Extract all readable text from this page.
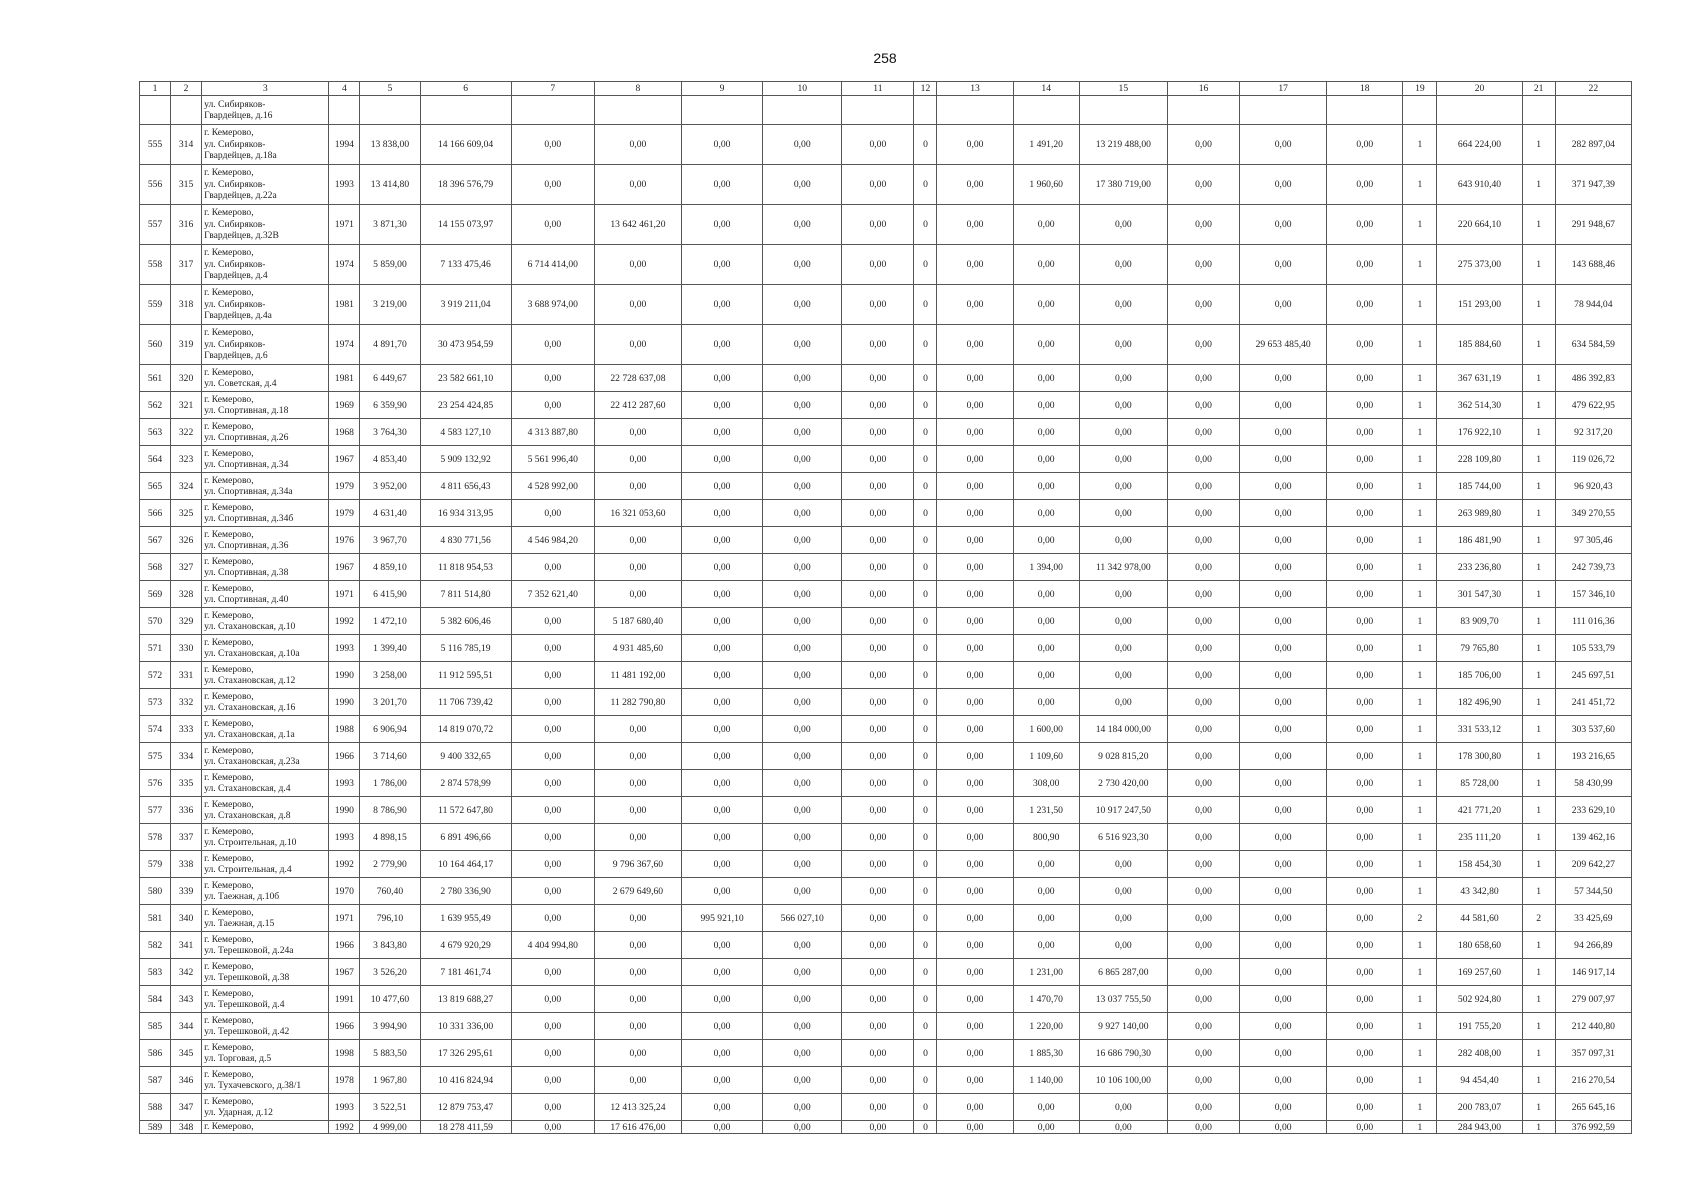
258
1	2	3	4	5	6	7	8	9	10	11	12	13	14	15	16	17	18	19	20	21	22

		ул. Сибиряков-
Гвардейцев, д.16																			

555	314	г. Кемерово,
ул. Сибиряков-
Гвардейцев, д.18а	1994	13 838,00	14 166 609,04	0,00	0,00	0,00	0,00	0,00	0	0,00	1 491,20	13 219 488,00	0,00	0,00	0,00	1	664 224,00	1	282 897,04
556	315	г. Кемерово,
ул. Сибиряков-
Гвардейцев, д.22а	1993	13 414,80	18 396 576,79	0,00	0,00	0,00	0,00	0,00	0	0,00	1 960,60	17 380 719,00	0,00	0,00	0,00	1	643 910,40	1	371 947,39
557	316	г. Кемерово,
ул. Сибиряков-
Гвардейцев, д.32В	1971	3 871,30	14 155 073,97	0,00	13 642 461,20	0,00	0,00	0,00	0	0,00	0,00	0,00	0,00	0,00	0,00	1	220 664,10	1	291 948,67
558	317	г. Кемерово,
ул. Сибиряков-
Гвардейцев, д.4	1974	5 859,00	7 133 475,46	6 714 414,00	0,00	0,00	0,00	0,00	0	0,00	0,00	0,00	0,00	0,00	0,00	1	275 373,00	1	143 688,46
559	318	г. Кемерово,
ул. Сибиряков-
Гвардейцев, д.4а	1981	3 219,00	3 919 211,04	3 688 974,00	0,00	0,00	0,00	0,00	0	0,00	0,00	0,00	0,00	0,00	0,00	1	151 293,00	1	78 944,04
560	319	г. Кемерово,
ул. Сибиряков-
Гвардейцев, д.6	1974	4 891,70	30 473 954,59	0,00	0,00	0,00	0,00	0,00	0	0,00	0,00	0,00	0,00	29 653 485,40	0,00	1	185 884,60	1	634 584,59
561	320	г. Кемерово,
ул. Советская, д.4	1981	6 449,67	23 582 661,10	0,00	22 728 637,08	0,00	0,00	0,00	0	0,00	0,00	0,00	0,00	0,00	0,00	1	367 631,19	1	486 392,83
562	321	г. Кемерово,
ул. Спортивная, д.18	1969	6 359,90	23 254 424,85	0,00	22 412 287,60	0,00	0,00	0,00	0	0,00	0,00	0,00	0,00	0,00	0,00	1	362 514,30	1	479 622,95
563	322	г. Кемерово,
ул. Спортивная, д.26	1968	3 764,30	4 583 127,10	4 313 887,80	0,00	0,00	0,00	0,00	0	0,00	0,00	0,00	0,00	0,00	0,00	1	176 922,10	1	92 317,20
564	323	г. Кемерово,
ул. Спортивная, д.34	1967	4 853,40	5 909 132,92	5 561 996,40	0,00	0,00	0,00	0,00	0	0,00	0,00	0,00	0,00	0,00	0,00	1	228 109,80	1	119 026,72
565	324	г. Кемерово,
ул. Спортивная, д.34а	1979	3 952,00	4 811 656,43	4 528 992,00	0,00	0,00	0,00	0,00	0	0,00	0,00	0,00	0,00	0,00	0,00	1	185 744,00	1	96 920,43
566	325	г. Кемерово,
ул. Спортивная, д.34б	1979	4 631,40	16 934 313,95	0,00	16 321 053,60	0,00	0,00	0,00	0	0,00	0,00	0,00	0,00	0,00	0,00	1	263 989,80	1	349 270,55
567	326	г. Кемерово,
ул. Спортивная, д.36	1976	3 967,70	4 830 771,56	4 546 984,20	0,00	0,00	0,00	0,00	0	0,00	0,00	0,00	0,00	0,00	0,00	1	186 481,90	1	97 305,46
568	327	г. Кемерово,
ул. Спортивная, д.38	1967	4 859,10	11 818 954,53	0,00	0,00	0,00	0,00	0,00	0	0,00	1 394,00	11 342 978,00	0,00	0,00	0,00	1	233 236,80	1	242 739,73
569	328	г. Кемерово,
ул. Спортивная, д.40	1971	6 415,90	7 811 514,80	7 352 621,40	0,00	0,00	0,00	0,00	0	0,00	0,00	0,00	0,00	0,00	0,00	1	301 547,30	1	157 346,10
570	329	г. Кемерово,
ул. Стахановская, д.10	1992	1 472,10	5 382 606,46	0,00	5 187 680,40	0,00	0,00	0,00	0	0,00	0,00	0,00	0,00	0,00	0,00	1	83 909,70	1	111 016,36
571	330	г. Кемерово,
ул. Стахановская, д.10а	1993	1 399,40	5 116 785,19	0,00	4 931 485,60	0,00	0,00	0,00	0	0,00	0,00	0,00	0,00	0,00	0,00	1	79 765,80	1	105 533,79
572	331	г. Кемерово,
ул. Стахановская, д.12	1990	3 258,00	11 912 595,51	0,00	11 481 192,00	0,00	0,00	0,00	0	0,00	0,00	0,00	0,00	0,00	0,00	1	185 706,00	1	245 697,51
573	332	г. Кемерово,
ул. Стахановская, д.16	1990	3 201,70	11 706 739,42	0,00	11 282 790,80	0,00	0,00	0,00	0	0,00	0,00	0,00	0,00	0,00	0,00	1	182 496,90	1	241 451,72
574	333	г. Кемерово,
ул. Стахановская, д.1а	1988	6 906,94	14 819 070,72	0,00	0,00	0,00	0,00	0,00	0	0,00	1 600,00	14 184 000,00	0,00	0,00	0,00	1	331 533,12	1	303 537,60
575	334	г. Кемерово,
ул. Стахановская, д.23а	1966	3 714,60	9 400 332,65	0,00	0,00	0,00	0,00	0,00	0	0,00	1 109,60	9 028 815,20	0,00	0,00	0,00	1	178 300,80	1	193 216,65
576	335	г. Кемерово,
ул. Стахановская, д.4	1993	1 786,00	2 874 578,99	0,00	0,00	0,00	0,00	0,00	0	0,00	308,00	2 730 420,00	0,00	0,00	0,00	1	85 728,00	1	58 430,99
577	336	г. Кемерово,
ул. Стахановская, д.8	1990	8 786,90	11 572 647,80	0,00	0,00	0,00	0,00	0,00	0	0,00	1 231,50	10 917 247,50	0,00	0,00	0,00	1	421 771,20	1	233 629,10
578	337	г. Кемерово,
ул. Строительная, д.10	1993	4 898,15	6 891 496,66	0,00	0,00	0,00	0,00	0,00	0	0,00	800,90	6 516 923,30	0,00	0,00	0,00	1	235 111,20	1	139 462,16
579	338	г. Кемерово,
ул. Строительная, д.4	1992	2 779,90	10 164 464,17	0,00	9 796 367,60	0,00	0,00	0,00	0	0,00	0,00	0,00	0,00	0,00	0,00	1	158 454,30	1	209 642,27
580	339	г. Кемерово,
ул. Таежная, д.10б	1970	760,40	2 780 336,90	0,00	2 679 649,60	0,00	0,00	0,00	0	0,00	0,00	0,00	0,00	0,00	0,00	1	43 342,80	1	57 344,50
581	340	г. Кемерово,
ул. Таежная, д.15	1971	796,10	1 639 955,49	0,00	0,00	995 921,10	566 027,10	0,00	0	0,00	0,00	0,00	0,00	0,00	0,00	2	44 581,60	2	33 425,69
582	341	г. Кемерово,
ул. Терешковой, д.24а	1966	3 843,80	4 679 920,29	4 404 994,80	0,00	0,00	0,00	0,00	0	0,00	0,00	0,00	0,00	0,00	0,00	1	180 658,60	1	94 266,89
583	342	г. Кемерово,
ул. Терешковой, д.38	1967	3 526,20	7 181 461,74	0,00	0,00	0,00	0,00	0,00	0	0,00	1 231,00	6 865 287,00	0,00	0,00	0,00	1	169 257,60	1	146 917,14
584	343	г. Кемерово,
ул. Терешковой, д.4	1991	10 477,60	13 819 688,27	0,00	0,00	0,00	0,00	0,00	0	0,00	1 470,70	13 037 755,50	0,00	0,00	0,00	1	502 924,80	1	279 007,97
585	344	г. Кемерово,
ул. Терешковой, д.42	1966	3 994,90	10 331 336,00	0,00	0,00	0,00	0,00	0,00	0	0,00	1 220,00	9 927 140,00	0,00	0,00	0,00	1	191 755,20	1	212 440,80
586	345	г. Кемерово,
ул. Торговая, д.5	1998	5 883,50	17 326 295,61	0,00	0,00	0,00	0,00	0,00	0	0,00	1 885,30	16 686 790,30	0,00	0,00	0,00	1	282 408,00	1	357 097,31
587	346	г. Кемерово,
ул. Тухачевского, д.38/1	1978	1 967,80	10 416 824,94	0,00	0,00	0,00	0,00	0,00	0	0,00	1 140,00	10 106 100,00	0,00	0,00	0,00	1	94 454,40	1	216 270,54
588	347	г. Кемерово,
ул. Ударная, д.12	1993	3 522,51	12 879 753,47	0,00	12 413 325,24	0,00	0,00	0,00	0	0,00	0,00	0,00	0,00	0,00	0,00	1	200 783,07	1	265 645,16
589	348	г. Кемерово,	1992	4 999,00	18 278 411,59	0,00	17 616 476,00	0,00	0,00	0,00	0	0,00	0,00	0,00	0,00	0,00	0,00	1	284 943,00	1	376 992,59
